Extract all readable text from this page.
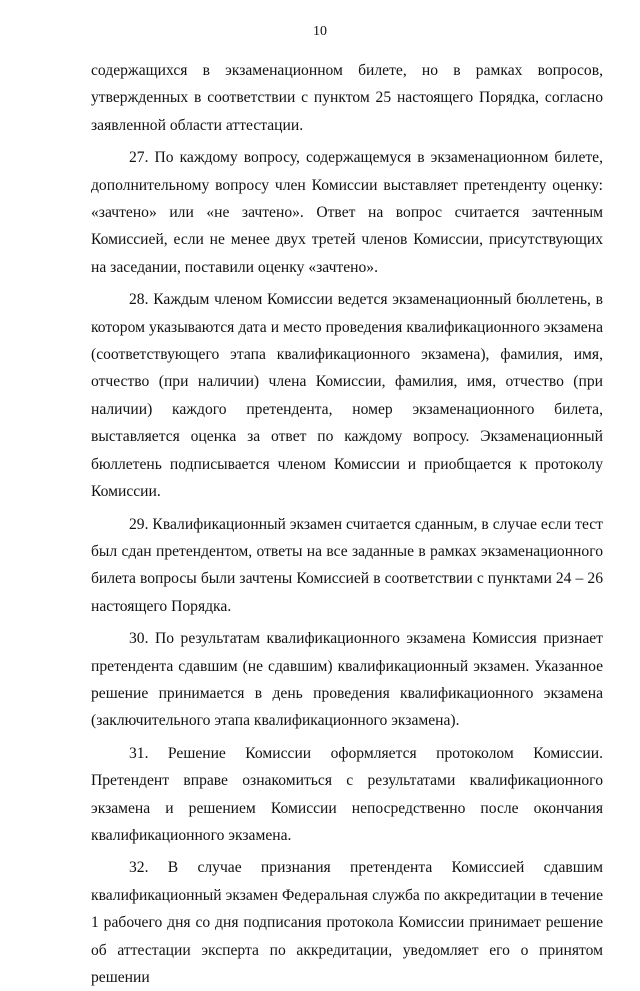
10

содержащихся в экзаменационном билете, но в рамках вопросов, утвержденных в соответствии с пунктом 25 настоящего Порядка, согласно заявленной области аттестации.

27. По каждому вопросу, содержащемуся в экзаменационном билете, дополнительному вопросу член Комиссии выставляет претенденту оценку: «зачтено» или «не зачтено». Ответ на вопрос считается зачтенным Комиссией, если не менее двух третей членов Комиссии, присутствующих на заседании, поставили оценку «зачтено».

28. Каждым членом Комиссии ведется экзаменационный бюллетень, в котором указываются дата и место проведения квалификационного экзамена (соответствующего этапа квалификационного экзамена), фамилия, имя, отчество (при наличии) члена Комиссии, фамилия, имя, отчество (при наличии) каждого претендента, номер экзаменационного билета, выставляется оценка за ответ по каждому вопросу. Экзаменационный бюллетень подписывается членом Комиссии и приобщается к протоколу Комиссии.

29. Квалификационный экзамен считается сданным, в случае если тест был сдан претендентом, ответы на все заданные в рамках экзаменационного билета вопросы были зачтены Комиссией в соответствии с пунктами 24 – 26 настоящего Порядка.

30. По результатам квалификационного экзамена Комиссия признает претендента сдавшим (не сдавшим) квалификационный экзамен. Указанное решение принимается в день проведения квалификационного экзамена (заключительного этапа квалификационного экзамена).

31. Решение Комиссии оформляется протоколом Комиссии. Претендент вправе ознакомиться с результатами квалификационного экзамена и решением Комиссии непосредственно после окончания квалификационного экзамена.

32. В случае признания претендента Комиссией сдавшим квалификационный экзамен Федеральная служба по аккредитации в течение 1 рабочего дня со дня подписания протокола Комиссии принимает решение об аттестации эксперта по аккредитации, уведомляет его о принятом решении
